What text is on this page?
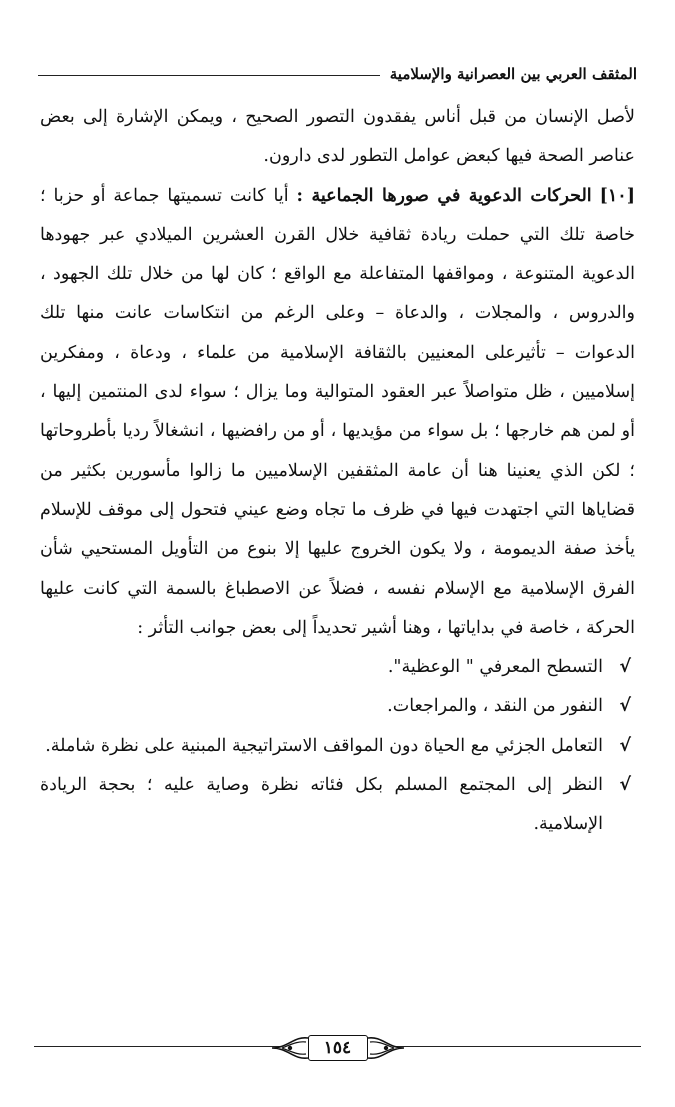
المثقف العربي بين العصرانية والإسلامية

لأصل الإنسان من قبل أناس يفقدون التصور الصحيح ، ويمكن الإشارة إلى بعض عناصر الصحة فيها كبعض عوامل التطور لدى دارون.

[١٠] الحركات الدعوية في صورها الجماعية : أيا كانت تسميتها جماعة أو حزبا ؛ خاصة تلك التي حملت ريادة ثقافية خلال القرن العشرين الميلادي عبر جهودها الدعوية المتنوعة ، ومواقفها المتفاعلة مع الواقع ؛ كان لها من خلال تلك الجهود ، والدروس ، والمجلات ، والدعاة – وعلى الرغم من انتكاسات عانت منها تلك الدعوات – تأثيرعلى المعنيين بالثقافة الإسلامية من علماء ، ودعاة ، ومفكرين إسلاميين ، ظل متواصلاً عبر العقود المتوالية وما يزال ؛ سواء لدى المنتمين إليها ، أو لمن هم خارجها ؛ بل سواء من مؤيديها ، أو من رافضيها ، انشغالاً رديا بأطروحاتها ؛ لكن الذي يعنينا هنا أن عامة المثقفين الإسلاميين ما زالوا مأسورين بكثير من قضاياها التي اجتهدت فيها في ظرف ما تجاه وضع عيني فتحول إلى موقف للإسلام يأخذ صفة الديمومة ، ولا يكون الخروج عليها إلا بنوع من التأويل المستحيي شأن الفرق الإسلامية مع الإسلام نفسه ، فضلاً عن الاصطباغ بالسمة التي كانت عليها الحركة ، خاصة في بداياتها ، وهنا أشير تحديداً إلى بعض جوانب التأثر :

√
التسطح المعرفي " الوعظية".
√
النفور من النقد ، والمراجعات.
√
التعامل الجزئي مع الحياة دون المواقف الاستراتيجية المبنية على نظرة شاملة.
√
النظر إلى المجتمع المسلم بكل فئاته نظرة وصاية عليه ؛ بحجة الريادة الإسلامية.
١٥٤
